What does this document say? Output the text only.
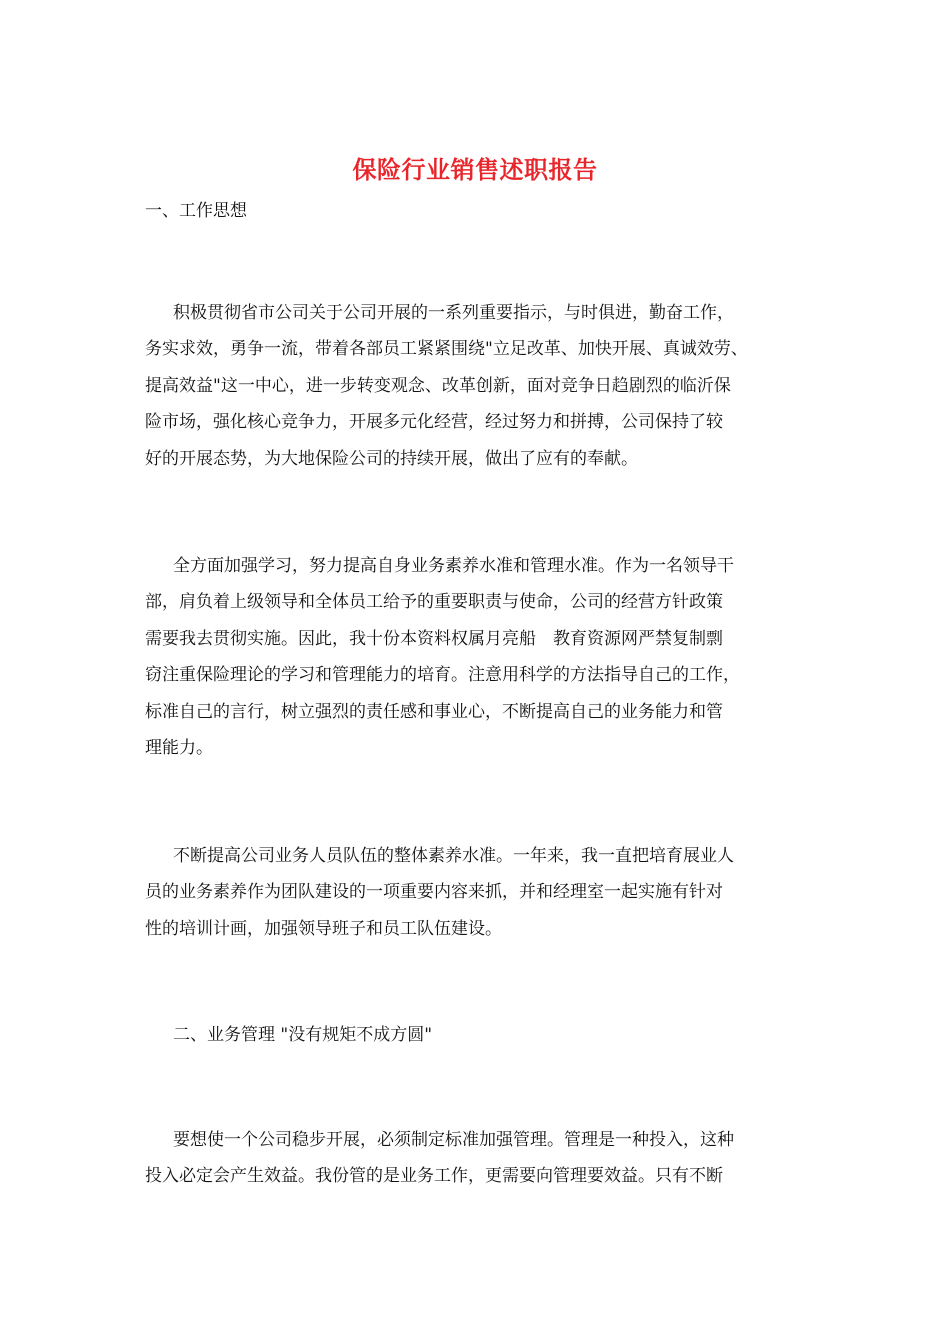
保险行业销售述职报告
一、工作思想
积极贯彻省市公司关于公司开展的一系列重要指示，与时俱进，勤奋工作，
务实求效，勇争一流，带着各部员工紧紧围绕"立足改革、加快开展、真诚效劳、
提高效益"这一中心，进一步转变观念、改革创新，面对竞争日趋剧烈的临沂保
险市场，强化核心竞争力，开展多元化经营，经过努力和拼搏，公司保持了较
好的开展态势，为大地保险公司的持续开展，做出了应有的奉献。
全方面加强学习，努力提高自身业务素养水准和管理水准。作为一名领导干
部，肩负着上级领导和全体员工给予的重要职责与使命，公司的经营方针政策
需要我去贯彻实施。因此，我十份本资料权属月亮船　教育资源网严禁复制剽
窃注重保险理论的学习和管理能力的培育。注意用科学的方法指导自己的工作，
标准自己的言行，树立强烈的责任感和事业心，不断提高自己的业务能力和管
理能力。
不断提高公司业务人员队伍的整体素养水准。一年来，我一直把培育展业人
员的业务素养作为团队建设的一项重要内容来抓，并和经理室一起实施有针对
性的培训计画，加强领导班子和员工队伍建设。
二、业务管理 "没有规矩不成方圆"
要想使一个公司稳步开展，必须制定标准加强管理。管理是一种投入，这种
投入必定会产生效益。我份管的是业务工作，更需要向管理要效益。只有不断
